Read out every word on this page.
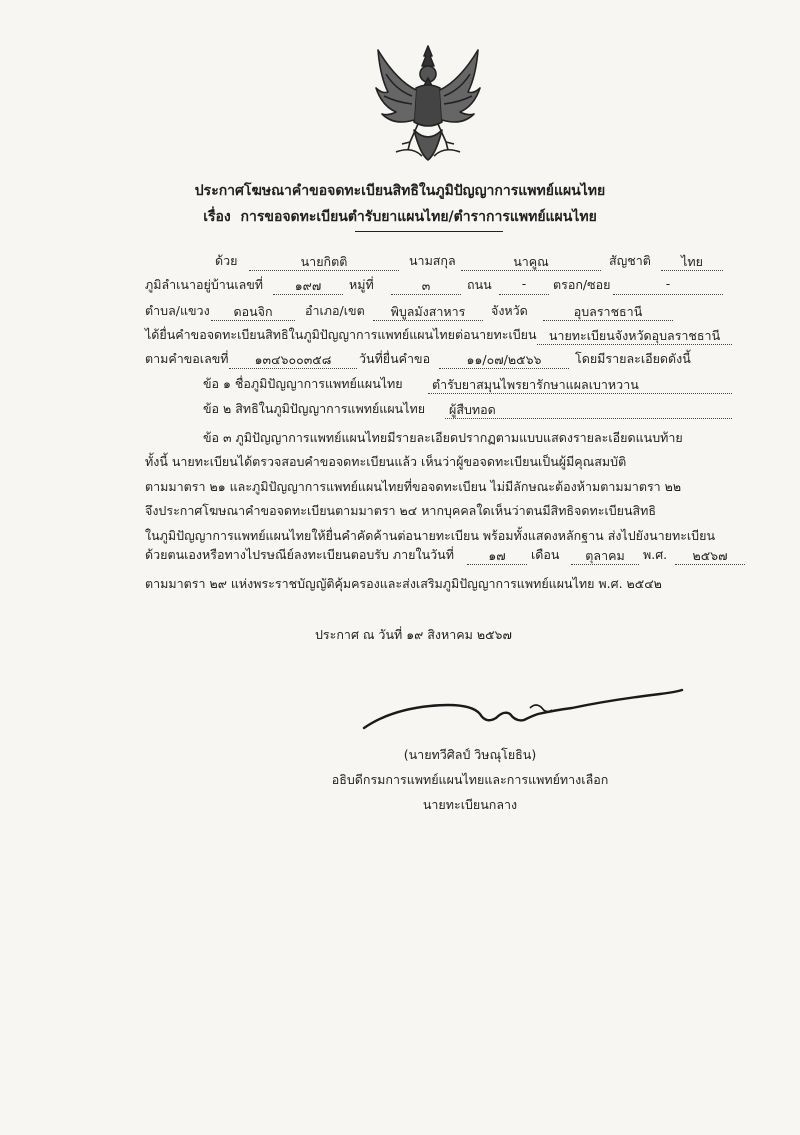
ประกาศโฆษณาคำขอจดทะเบียนสิทธิในภูมิปัญญาการแพทย์แผนไทย
เรื่อง การขอจดทะเบียนตำรับยาแผนไทย/ตำราการแพทย์แผนไทย
ด้วย	นายกิตติ	นามสกุล	นาคูณ	สัญชาติ	ไทย
ภูมิลำเนาอยู่บ้านเลขที่	๑๙๗	หมู่ที่	๓	ถนน	-	ตรอก/ซอย	-
ตำบล/แขวง	ดอนจิก	อำเภอ/เขต	พิบูลมังสาหาร	จังหวัด	อุบลราชธานี
ได้ยื่นคำขอจดทะเบียนสิทธิในภูมิปัญญาการแพทย์แผนไทยต่อนายทะเบียน นายทะเบียนจังหวัดอุบลราชธานี
ตามคำขอเลขที่	๑๓๔๖๐๐๓๕๘	วันที่ยื่นคำขอ	๑๑/๐๗/๒๕๖๖	โดยมีรายละเอียดดังนี้
ข้อ ๑ ชื่อภูมิปัญญาการแพทย์แผนไทย	ตำรับยาสมุนไพรยารักษาแผลเบาหวาน
ข้อ ๒ สิทธิในภูมิปัญญาการแพทย์แผนไทย	ผู้สืบทอด
ข้อ ๓ ภูมิปัญญาการแพทย์แผนไทยมีรายละเอียดปรากฏตามแบบแสดงรายละเอียดแนบท้าย
ทั้งนี้ นายทะเบียนได้ตรวจสอบคำขอจดทะเบียนแล้ว เห็นว่าผู้ขอจดทะเบียนเป็นผู้มีคุณสมบัติ
ตามมาตรา ๒๑ และภูมิปัญญาการแพทย์แผนไทยที่ขอจดทะเบียน ไม่มีลักษณะต้องห้ามตามมาตรา ๒๒
จึงประกาศโฆษณาคำขอจดทะเบียนตามมาตรา ๒๔ หากบุคคลใดเห็นว่าตนมีสิทธิจดทะเบียนสิทธิ
ในภูมิปัญญาการแพทย์แผนไทยให้ยื่นคำคัดค้านต่อนายทะเบียน พร้อมทั้งแสดงหลักฐาน ส่งไปยังนายทะเบียน
ด้วยตนเองหรือทางไปรษณีย์ลงทะเบียนตอบรับ ภายในวันที่	๑๗	เดือน	ตุลาคม	พ.ศ.	๒๕๖๗
ตามมาตรา ๒๙ แห่งพระราชบัญญัติคุ้มครองและส่งเสริมภูมิปัญญาการแพทย์แผนไทย พ.ศ. ๒๕๔๒
ประกาศ ณ วันที่ ๑๙ สิงหาคม ๒๕๖๗
(นายทวีศิลป์ วิษณุโยธิน)
อธิบดีกรมการแพทย์แผนไทยและการแพทย์ทางเลือก
นายทะเบียนกลาง
